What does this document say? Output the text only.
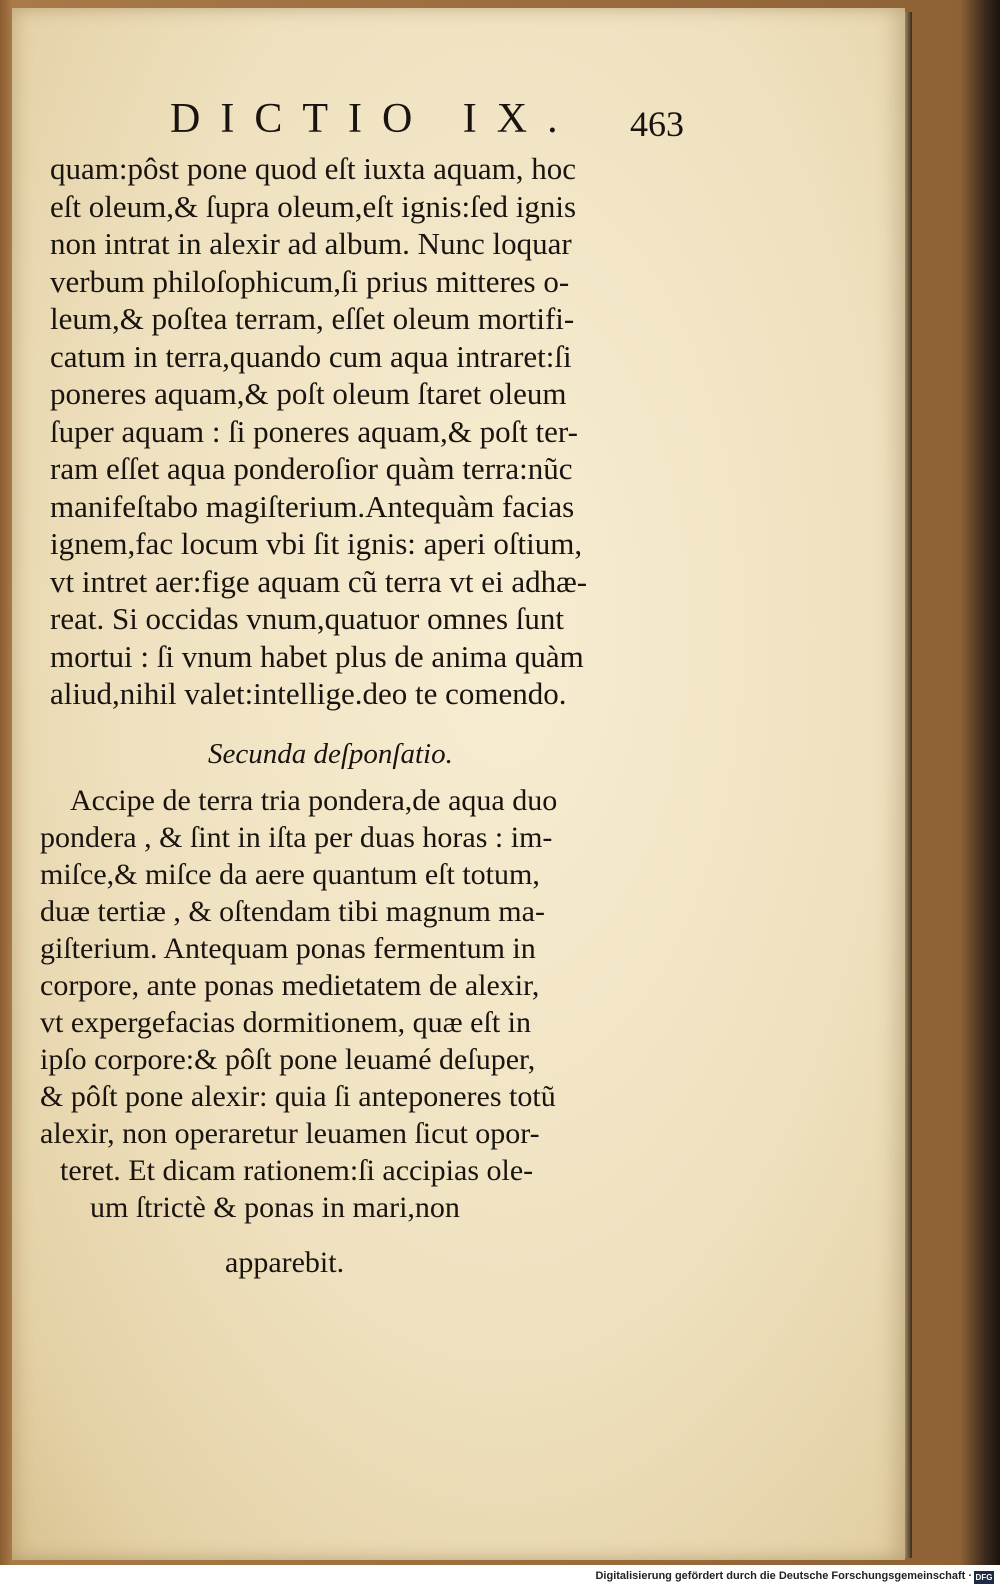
DICTIO IX. 463
quam:pôst pone quod eſt iuxta aquam, hoc
eſt oleum,& ſupra oleum,eſt ignis:ſed ignis
non intrat in alexir ad album. Nunc loquar
verbum philoſophicum,ſi prius mitteres o-
leum,& poſtea terram, eſſet oleum mortifi-
catum in terra,quando cum aqua intraret:ſi
poneres aquam,& poſt oleum ſtaret oleum
ſuper aquam : ſi poneres aquam,& poſt ter-
ram eſſet aqua ponderoſior quàm terra:nũc
manifeſtabo magiſterium.Antequàm facias
ignem,fac locum vbi ſit ignis: aperi oſtium,
vt intret aer:fige aquam cũ terra vt ei adhæ-
reat. Si occidas vnum,quatuor omnes ſunt
mortui : ſi vnum habet plus de anima quàm
aliud,nihil valet:intellige.deo te comendo.
Secunda deſponſatio.
Accipe de terra tria pondera,de aqua duo
pondera , & ſint in iſta per duas horas : im-
miſce,& miſce da aere quantum eſt totum,
duæ tertiæ , & oſtendam tibi magnum ma-
giſterium. Antequam ponas fermentum in
corpore, ante ponas medietatem de alexir,
vt expergefacias dormitionem, quæ eſt in
ipſo corpore:& pôſt pone leuamé deſuper,
& pôſt pone alexir: quia ſi anteponeres totũ
alexir, non operaretur leuamen ſicut opor-
teret. Et dicam rationem:ſi accipias ole-
um ſtrictè & ponas in mari,non
apparebit.
Digitalisierung gefördert durch die Deutsche Forschungsgemeinschaft · DFG
